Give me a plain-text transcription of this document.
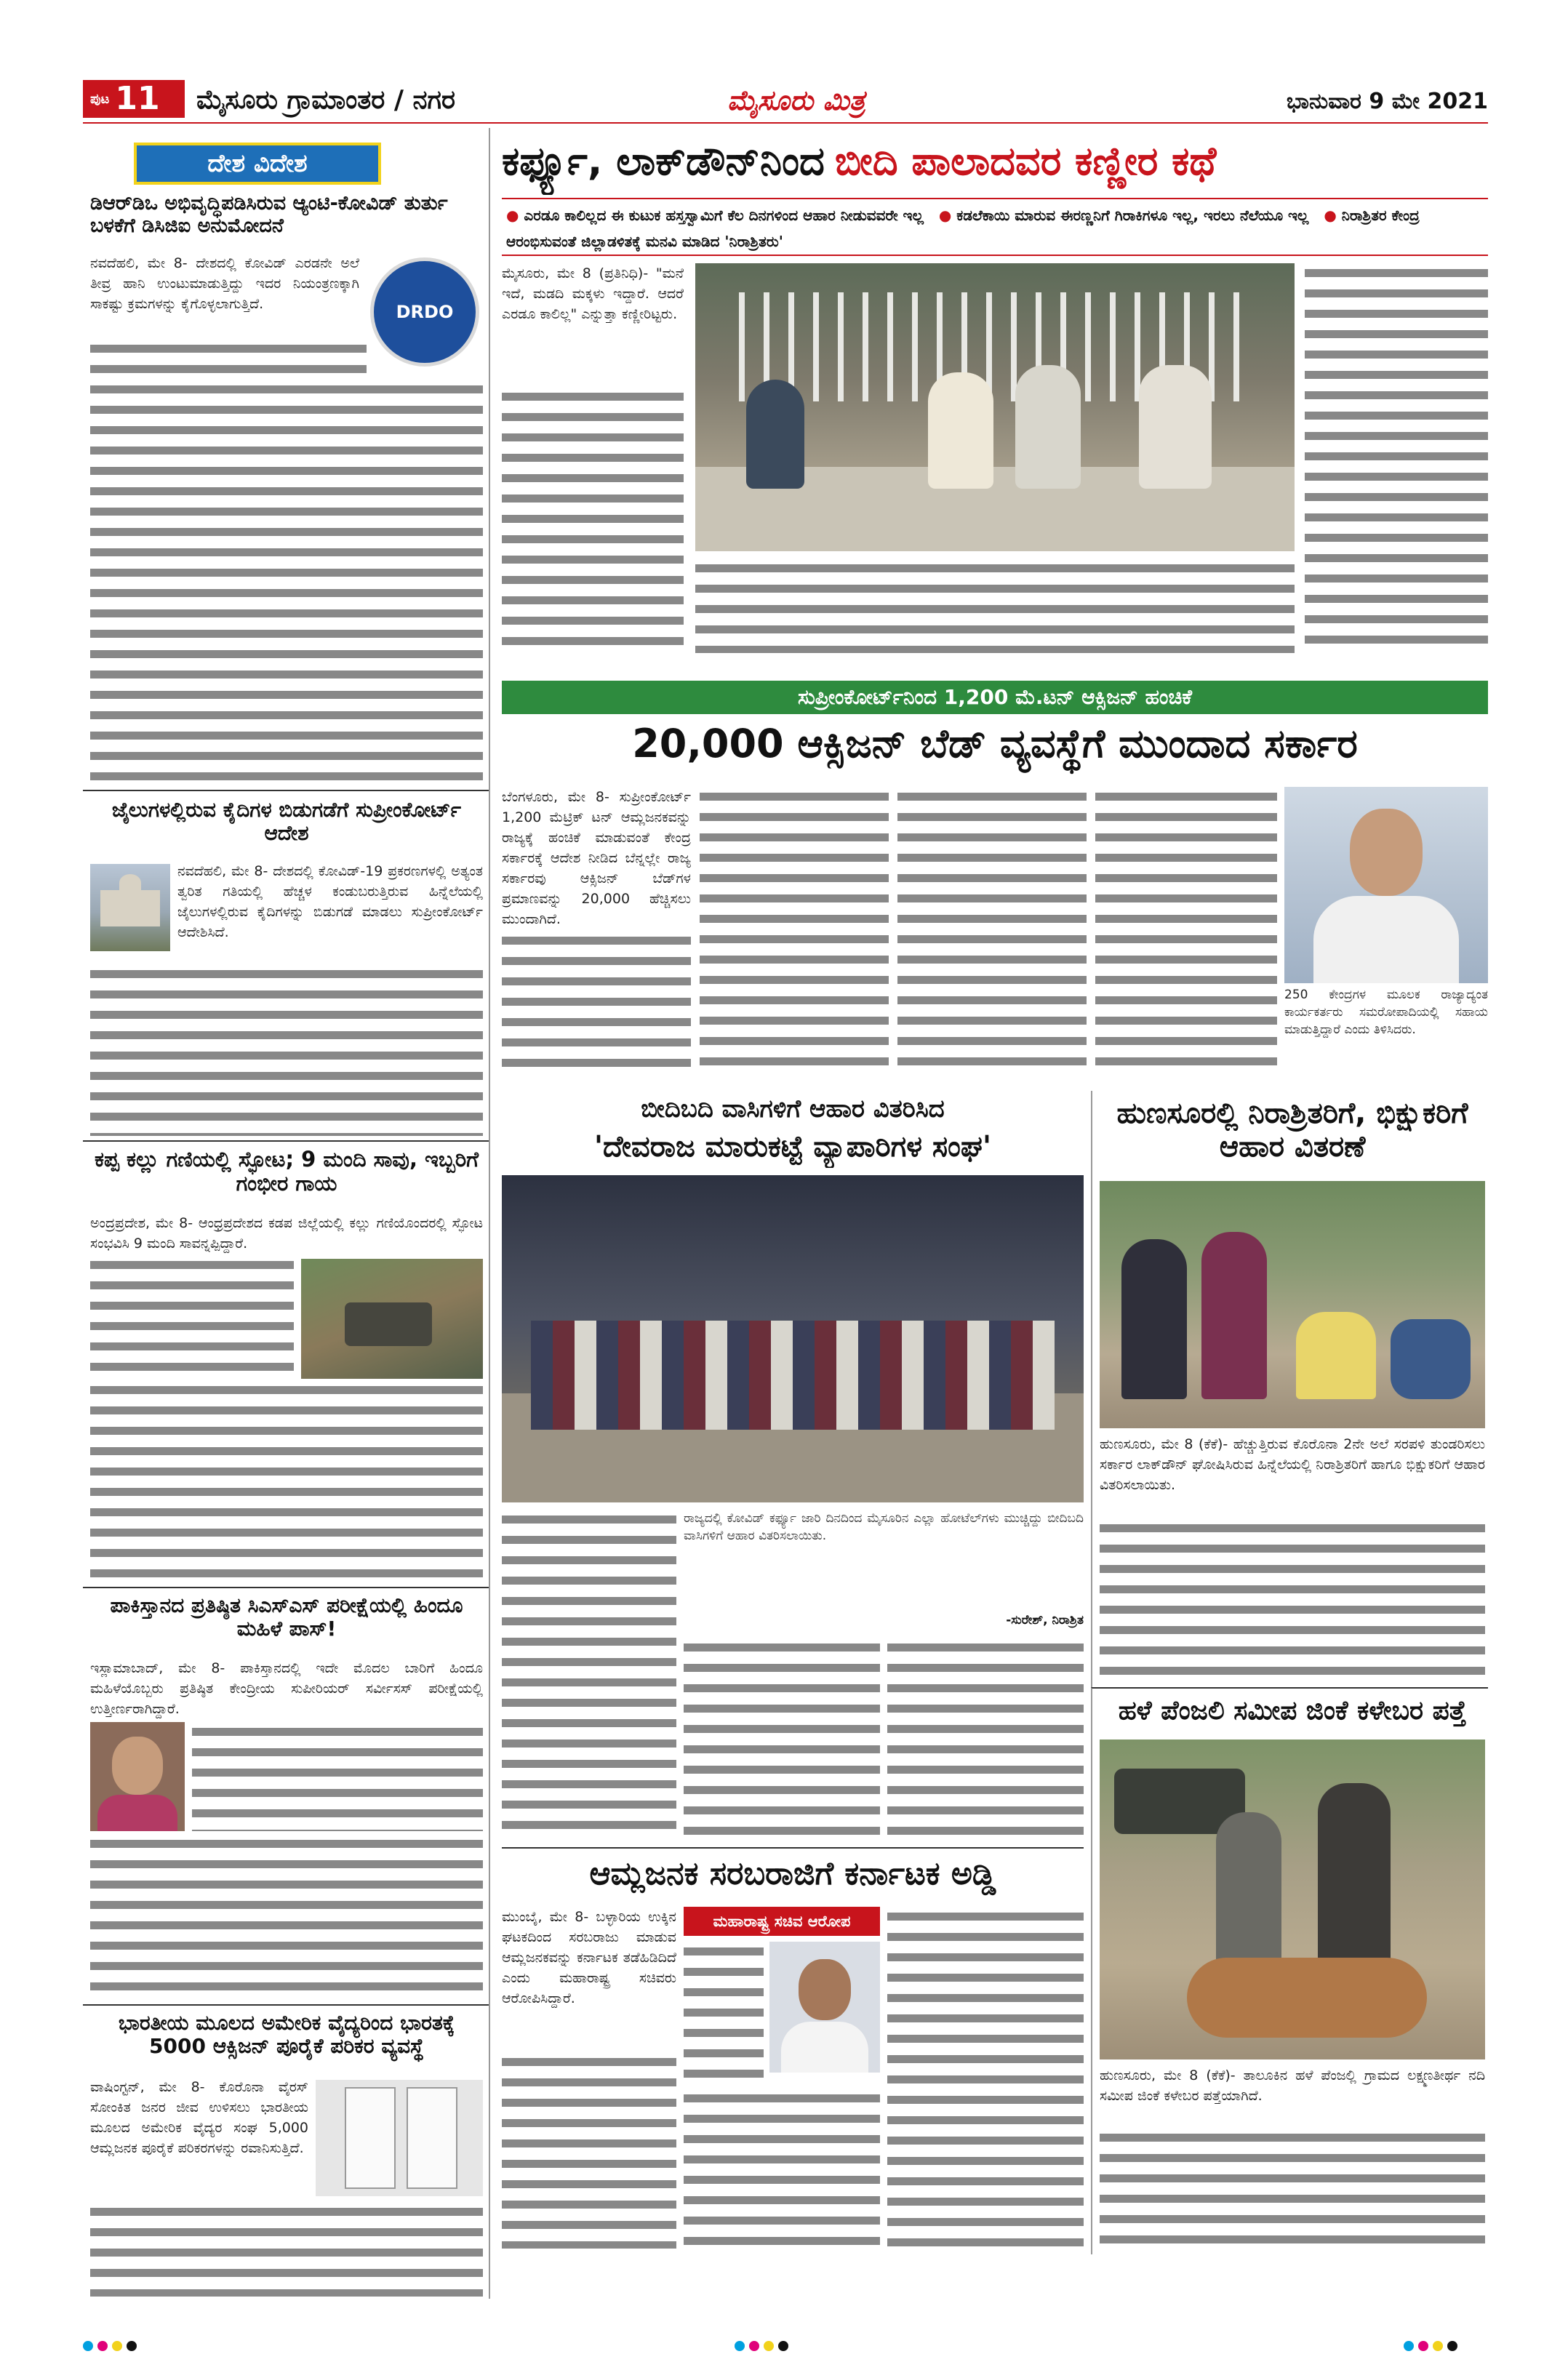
ಪುಟ 11 ಮೈಸೂರು ಗ್ರಾಮಾಂತರ / ನಗರ	ಮೈಸೂರು ಮಿತ್ರ	ಭಾನುವಾರ 9 ಮೇ 2021
ದೇಶ ವಿದೇಶ
ಡಿಆರ್‌ಡಿಒ ಅಭಿವೃದ್ಧಿಪಡಿಸಿರುವ ಆ್ಯಂಟಿ-ಕೋವಿಡ್ ತುರ್ತು ಬಳಕೆಗೆ ಡಿಸಿಜಿಐ ಅನುಮೋದನೆ
ನವದೆಹಲಿ, ಮೇ 8- ದೇಶದಲ್ಲಿ ಕೋವಿಡ್ ಎರಡನೇ ಅಲೆ ತೀವ್ರ ಹಾನಿ ಉಂಟುಮಾಡುತ್ತಿದ್ದು ಇದರ ನಿಯಂತ್ರಣಕ್ಕಾಗಿ ಸಾಕಷ್ಟು ಕ್ರಮಗಳನ್ನು ಕೈಗೊಳ್ಳಲಾಗುತ್ತಿದೆ.	DRDO
ಜೈಲುಗಳಲ್ಲಿರುವ ಕೈದಿಗಳ ಬಿಡುಗಡೆಗೆ ಸುಪ್ರೀಂಕೋರ್ಟ್ ಆದೇಶ
ನವದೆಹಲಿ, ಮೇ 8- ದೇಶದಲ್ಲಿ ಕೋವಿಡ್-19 ಪ್ರಕರಣಗಳಲ್ಲಿ ಅತ್ಯಂತ ತ್ವರಿತ ಗತಿಯಲ್ಲಿ ಹೆಚ್ಚಳ ಕಂಡುಬರುತ್ತಿರುವ ಹಿನ್ನೆಲೆಯಲ್ಲಿ ಜೈಲುಗಳಲ್ಲಿರುವ ಕೈದಿಗಳನ್ನು ಬಿಡುಗಡೆ ಮಾಡಲು ಸುಪ್ರೀಂಕೋರ್ಟ್ ಆದೇಶಿಸಿದೆ.
ಕಪ್ಪ ಕಲ್ಲು ಗಣಿಯಲ್ಲಿ ಸ್ಫೋಟ; 9 ಮಂದಿ ಸಾವು, ಇಬ್ಬರಿಗೆ ಗಂಭೀರ ಗಾಯ
ಅಂದ್ರಪ್ರದೇಶ, ಮೇ 8- ಆಂಧ್ರಪ್ರದೇಶದ ಕಡಪ ಜಿಲ್ಲೆಯಲ್ಲಿ ಕಲ್ಲು ಗಣಿಯೊಂದರಲ್ಲಿ ಸ್ಫೋಟ ಸಂಭವಿಸಿ 9 ಮಂದಿ ಸಾವನ್ನಪ್ಪಿದ್ದಾರೆ.
ಪಾಕಿಸ್ತಾನದ ಪ್ರತಿಷ್ಠಿತ ಸಿಎಸ್‌ಎಸ್ ಪರೀಕ್ಷೆಯಲ್ಲಿ ಹಿಂದೂ ಮಹಿಳೆ ಪಾಸ್!
ಇಸ್ಲಾಮಾಬಾದ್, ಮೇ 8- ಪಾಕಿಸ್ತಾನದಲ್ಲಿ ಇದೇ ಮೊದಲ ಬಾರಿಗೆ ಹಿಂದೂ ಮಹಿಳೆಯೊಬ್ಬರು ಪ್ರತಿಷ್ಠಿತ ಕೇಂದ್ರೀಯ ಸುಪೀರಿಯರ್ ಸರ್ವೀಸಸ್ ಪರೀಕ್ಷೆಯಲ್ಲಿ ಉತ್ತೀರ್ಣರಾಗಿದ್ದಾರೆ.
ಭಾರತೀಯ ಮೂಲದ ಅಮೇರಿಕ ವೈದ್ಯರಿಂದ ಭಾರತಕ್ಕೆ 5000 ಆಕ್ಸಿಜನ್ ಪೂರೈಕೆ ಪರಿಕರ ವ್ಯವಸ್ಥೆ
ವಾಷಿಂಗ್ಟನ್, ಮೇ 8- ಕೊರೊನಾ ವೈರಸ್ ಸೋಂಕಿತ ಜನರ ಜೀವ ಉಳಿಸಲು ಭಾರತೀಯ ಮೂಲದ ಅಮೇರಿಕ ವೈದ್ಯರ ಸಂಘ 5,000 ಆಮ್ಲಜನಕ ಪೂರೈಕೆ ಪರಿಕರಗಳನ್ನು ರವಾನಿಸುತ್ತಿದೆ.
ಕರ್ಫ್ಯೂ, ಲಾಕ್‌ಡೌನ್‌ನಿಂದ ಬೀದಿ ಪಾಲಾದವರ ಕಣ್ಣೀರ ಕಥೆ
● ಎರಡೂ ಕಾಲಿಲ್ಲದ ಈ ಕುಟುಕ ಹಸ್ತಸ್ವಾಮಿಗೆ ಕೆಲ ದಿನಗಳಿಂದ ಆಹಾರ ನೀಡುವವರೇ ಇಲ್ಲ ● ಕಡಲೆಕಾಯಿ ಮಾರುವ ಈರಣ್ಣನಿಗೆ ಗಿರಾಕಿಗಳೂ ಇಲ್ಲ, ಇರಲು ನೆಲೆಯೂ ಇಲ್ಲ ● ನಿರಾಶ್ರಿತರ ಕೇಂದ್ರ ಆರಂಭಿಸುವಂತೆ ಜಿಲ್ಲಾಡಳಿತಕ್ಕೆ ಮನವಿ ಮಾಡಿದ 'ನಿರಾಶ್ರಿತರು'
ಮೈಸೂರು, ಮೇ 8 (ಪ್ರತಿನಿಧಿ)- "ಮನೆ ಇದೆ, ಮಡದಿ ಮಕ್ಕಳು ಇದ್ದಾರೆ. ಆದರೆ ಎರಡೂ ಕಾಲಿಲ್ಲ" ಎನ್ನುತ್ತಾ ಕಣ್ಣೀರಿಟ್ಟರು.
ಸುಪ್ರೀಂಕೋರ್ಟ್‌ನಿಂದ 1,200 ಮೆ.ಟನ್ ಆಕ್ಸಿಜನ್ ಹಂಚಿಕೆ
20,000 ಆಕ್ಸಿಜನ್ ಬೆಡ್ ವ್ಯವಸ್ಥೆಗೆ ಮುಂದಾದ ಸರ್ಕಾರ
ಬೆಂಗಳೂರು, ಮೇ 8- ಸುಪ್ರೀಂಕೋರ್ಟ್ 1,200 ಮೆಟ್ರಿಕ್ ಟನ್ ಆಮ್ಲಜನಕವನ್ನು ರಾಜ್ಯಕ್ಕೆ ಹಂಚಿಕೆ ಮಾಡುವಂತೆ ಕೇಂದ್ರ ಸರ್ಕಾರಕ್ಕೆ ಆದೇಶ ನೀಡಿದ ಬೆನ್ನಲ್ಲೇ ರಾಜ್ಯ ಸರ್ಕಾರವು ಆಕ್ಸಿಜನ್ ಬೆಡ್‌ಗಳ ಪ್ರಮಾಣವನ್ನು 20,000 ಹೆಚ್ಚಿಸಲು ಮುಂದಾಗಿದೆ.
250 ಕೇಂದ್ರಗಳ ಮೂಲಕ ರಾಜ್ಯಾದ್ಯಂತ ಕಾರ್ಯಕರ್ತರು ಸಮರೋಪಾದಿಯಲ್ಲಿ ಸಹಾಯ ಮಾಡುತ್ತಿದ್ದಾರೆ ಎಂದು ತಿಳಿಸಿದರು.
ಬೀದಿಬದಿ ವಾಸಿಗಳಿಗೆ ಆಹಾರ ವಿತರಿಸಿದ
'ದೇವರಾಜ ಮಾರುಕಟ್ಟೆ ವ್ಯಾಪಾರಿಗಳ ಸಂಘ'
ರಾಜ್ಯದಲ್ಲಿ ಕೋವಿಡ್ ಕರ್ಫ್ಯೂ ಜಾರಿ ದಿನದಿಂದ ಮೈಸೂರಿನ ಎಲ್ಲಾ ಹೋಟೆಲ್‌ಗಳು ಮುಚ್ಚಿದ್ದು ಬೀದಿಬದಿ ವಾಸಿಗಳಿಗೆ ಆಹಾರ ವಿತರಿಸಲಾಯಿತು.
-ಸುರೇಶ್, ನಿರಾಶ್ರಿತ
ಆಮ್ಲಜನಕ ಸರಬರಾಜಿಗೆ ಕರ್ನಾಟಕ ಅಡ್ಡಿ
ಮುಂಬೈ, ಮೇ 8- ಬಳ್ಳಾರಿಯ ಉಕ್ಕಿನ ಘಟಕದಿಂದ ಸರಬರಾಜು ಮಾಡುವ ಆಮ್ಲಜನಕವನ್ನು ಕರ್ನಾಟಕ ತಡೆಹಿಡಿದಿದೆ ಎಂದು ಮಹಾರಾಷ್ಟ್ರ ಸಚಿವರು ಆರೋಪಿಸಿದ್ದಾರೆ.
ಮಹಾರಾಷ್ಟ್ರ ಸಚಿವ ಆರೋಪ
ಹುಣಸೂರಲ್ಲಿ ನಿರಾಶ್ರಿತರಿಗೆ, ಭಿಕ್ಷುಕರಿಗೆ ಆಹಾರ ವಿತರಣೆ
ಹುಣಸೂರು, ಮೇ 8 (ಕೆಕೆ)- ಹೆಚ್ಚುತ್ತಿರುವ ಕೊರೊನಾ 2ನೇ ಅಲೆ ಸರಪಳಿ ತುಂಡರಿಸಲು ಸರ್ಕಾರ ಲಾಕ್‌ಡೌನ್ ಘೋಷಿಸಿರುವ ಹಿನ್ನೆಲೆಯಲ್ಲಿ ನಿರಾಶ್ರಿತರಿಗೆ ಹಾಗೂ ಭಿಕ್ಷುಕರಿಗೆ ಆಹಾರ ವಿತರಿಸಲಾಯಿತು.
ಹಳೆ ಪೆಂಜಲಿ ಸಮೀಪ ಜಿಂಕೆ ಕಳೇಬರ ಪತ್ತೆ
ಹುಣಸೂರು, ಮೇ 8 (ಕೆಕೆ)- ತಾಲೂಕಿನ ಹಳೆ ಪೆಂಜಲ್ಲಿ ಗ್ರಾಮದ ಲಕ್ಷ್ಮಣತೀರ್ಥ ನದಿ ಸಮೀಪ ಜಿಂಕೆ ಕಳೇಬರ ಪತ್ತೆಯಾಗಿದೆ.
